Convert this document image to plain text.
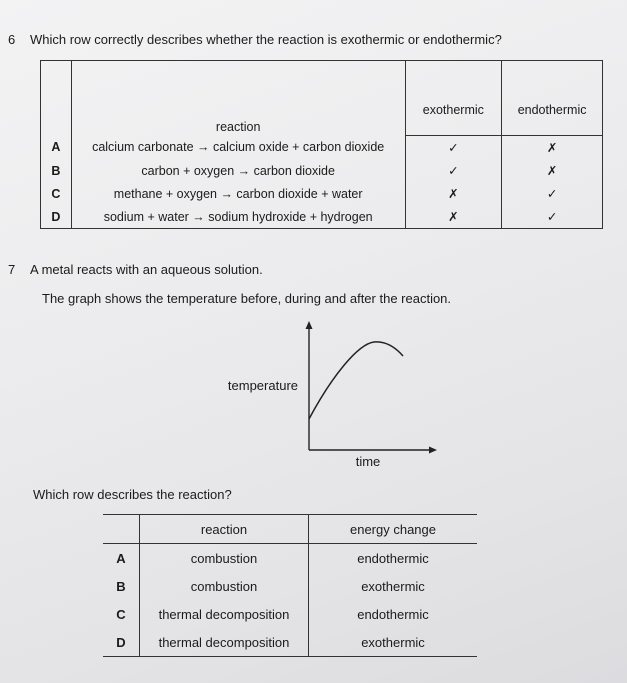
6 Which row correctly describes whether the reaction is exothermic or endothermic?
	reaction	exothermic	endothermic
A	calcium carbonate → calcium oxide + carbon dioxide	✓	✗
B	carbon + oxygen → carbon dioxide	✓	✗
C	methane + oxygen → carbon dioxide + water	✗	✓
D	sodium + water → sodium hydroxide + hydrogen	✗	✓
7 A metal reacts with an aqueous solution.
The graph shows the temperature before, during and after the reaction.
temperature
time
Which row describes the reaction?
	reaction	energy change
A	combustion	endothermic
B	combustion	exothermic
C	thermal decomposition	endothermic
D	thermal decomposition	exothermic
